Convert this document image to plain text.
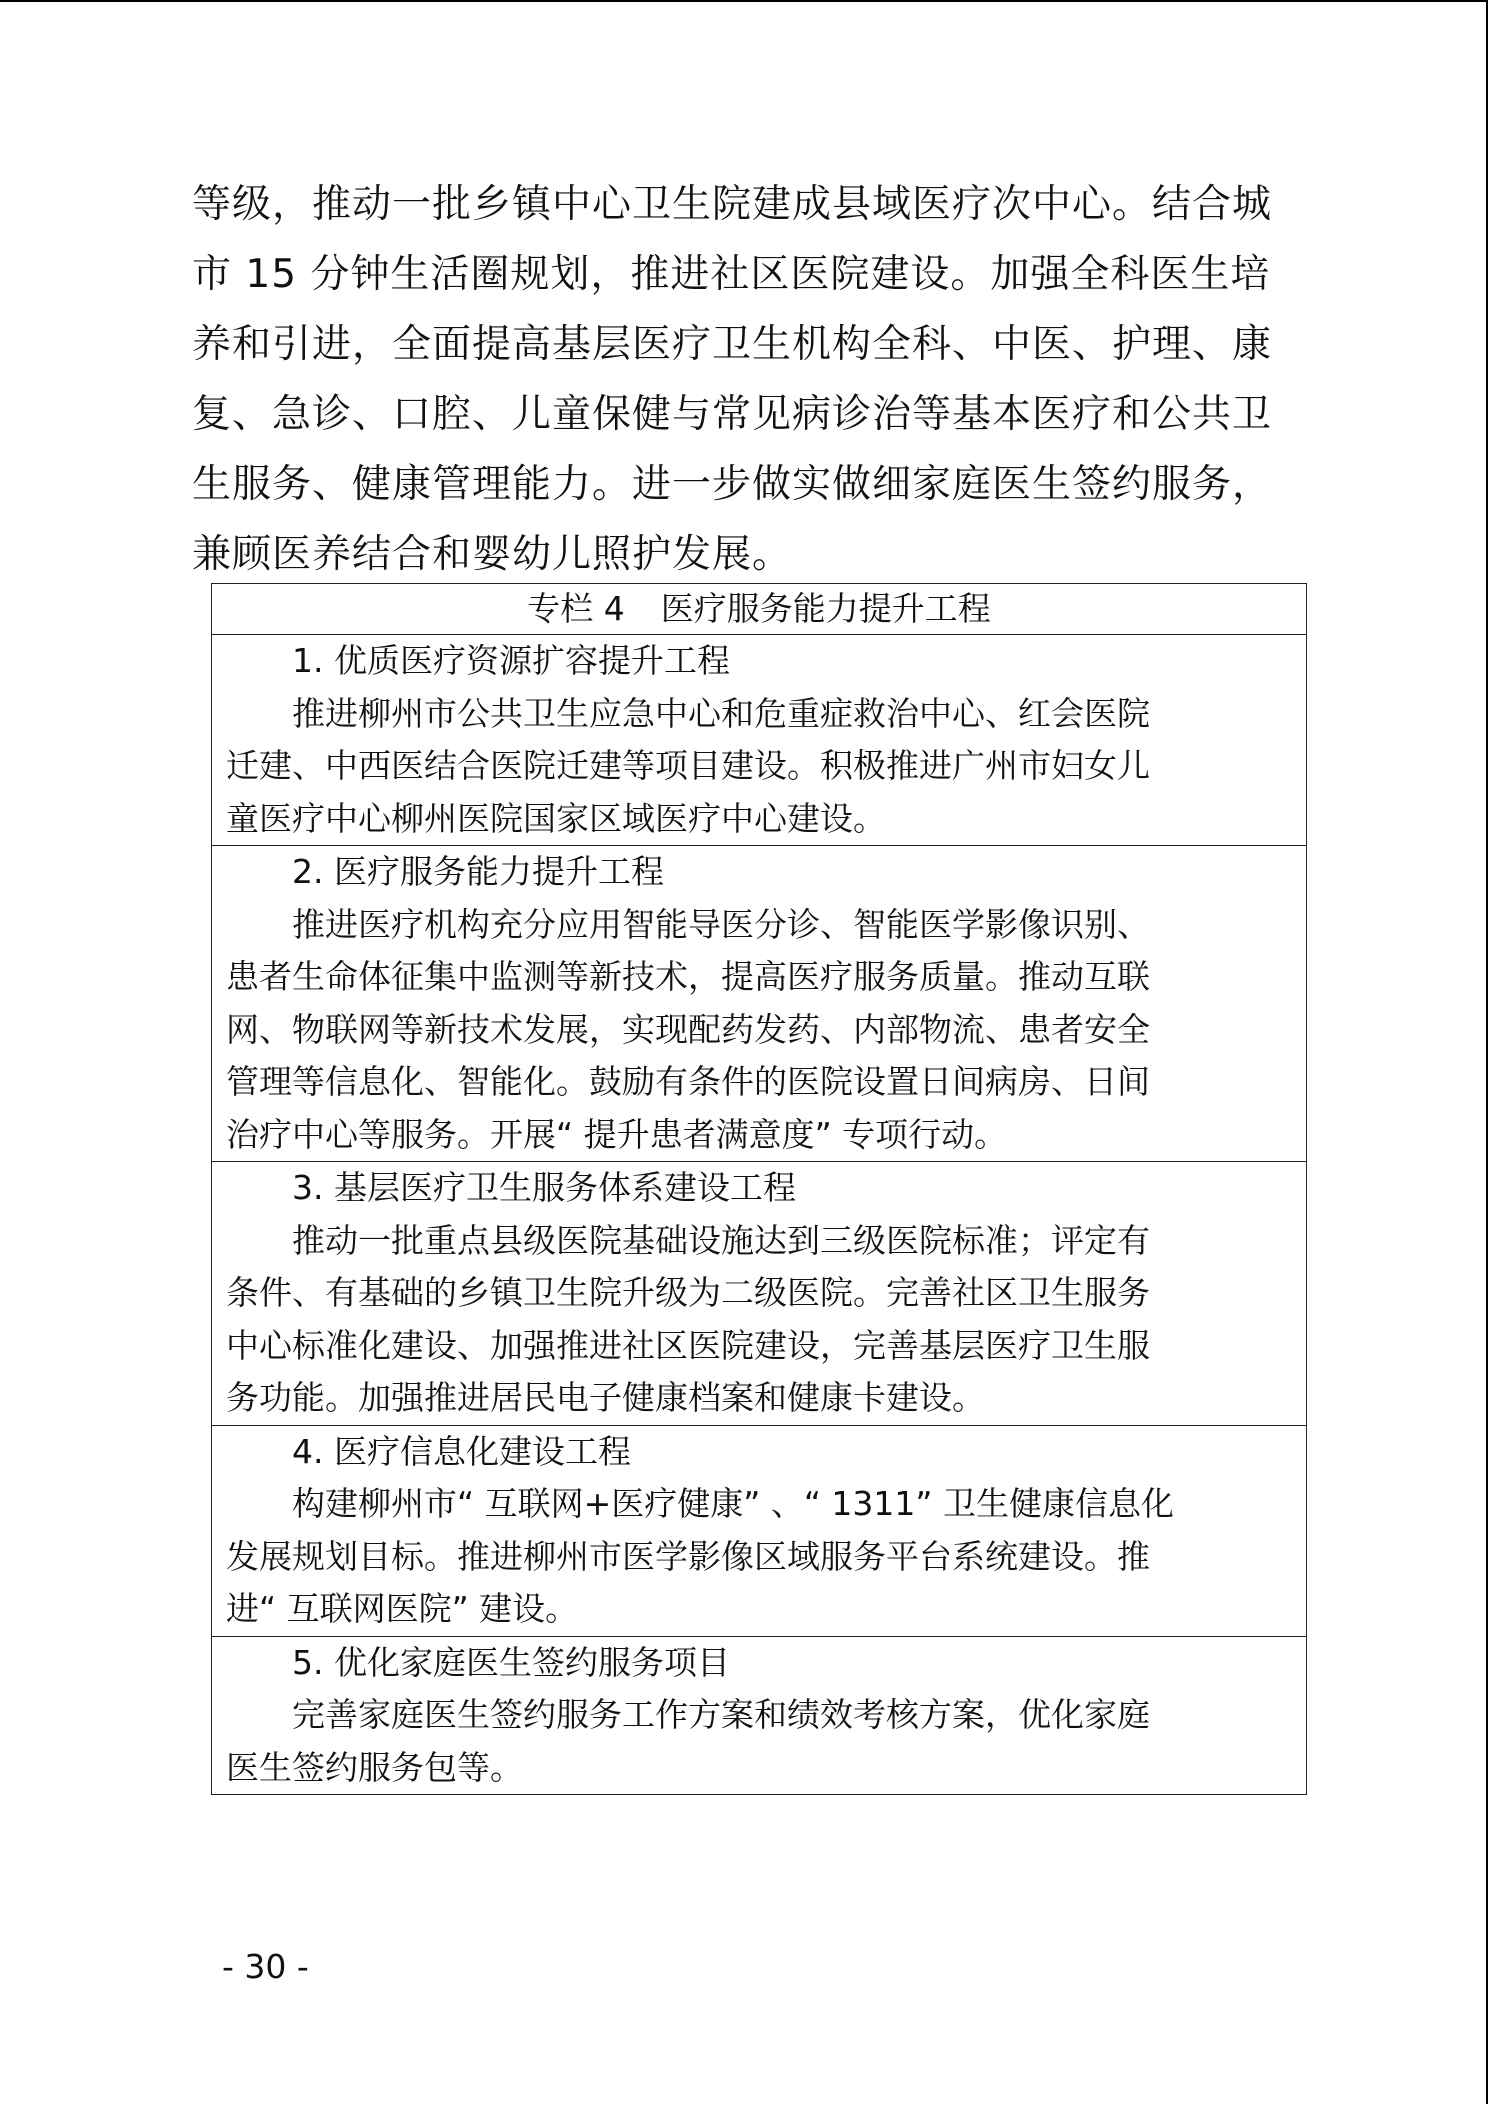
等级，推动一批乡镇中心卫生院建成县域医疗次中心。结合城
市 15 分钟生活圈规划，推进社区医院建设。加强全科医生培
养和引进，全面提高基层医疗卫生机构全科、中医、护理、康
复、急诊、口腔、儿童保健与常见病诊治等基本医疗和公共卫
生服务、健康管理能力。进一步做实做细家庭医生签约服务，
兼顾医养结合和婴幼儿照护发展。
专栏 4 医疗服务能力提升工程

1. 优质医疗资源扩容提升工程
推进柳州市公共卫生应急中心和危重症救治中心、红会医院
迁建、中西医结合医院迁建等项目建设。积极推进广州市妇女儿
童医疗中心柳州医院国家区域医疗中心建设。

2. 医疗服务能力提升工程
推进医疗机构充分应用智能导医分诊、智能医学影像识别、
患者生命体征集中监测等新技术，提高医疗服务质量。推动互联
网、物联网等新技术发展，实现配药发药、内部物流、患者安全
管理等信息化、智能化。鼓励有条件的医院设置日间病房、日间
治疗中心等服务。开展“ 提升患者满意度” 专项行动。

3. 基层医疗卫生服务体系建设工程
推动一批重点县级医院基础设施达到三级医院标准；评定有
条件、有基础的乡镇卫生院升级为二级医院。完善社区卫生服务
中心标准化建设、加强推进社区医院建设，完善基层医疗卫生服
务功能。加强推进居民电子健康档案和健康卡建设。

4. 医疗信息化建设工程
构建柳州市“ 互联网+医疗健康” 、“ 1311” 卫生健康信息化
发展规划目标。推进柳州市医学影像区域服务平台系统建设。推
进“ 互联网医院” 建设。

5. 优化家庭医生签约服务项目
完善家庭医生签约服务工作方案和绩效考核方案，优化家庭
医生签约服务包等。
- 30 -
